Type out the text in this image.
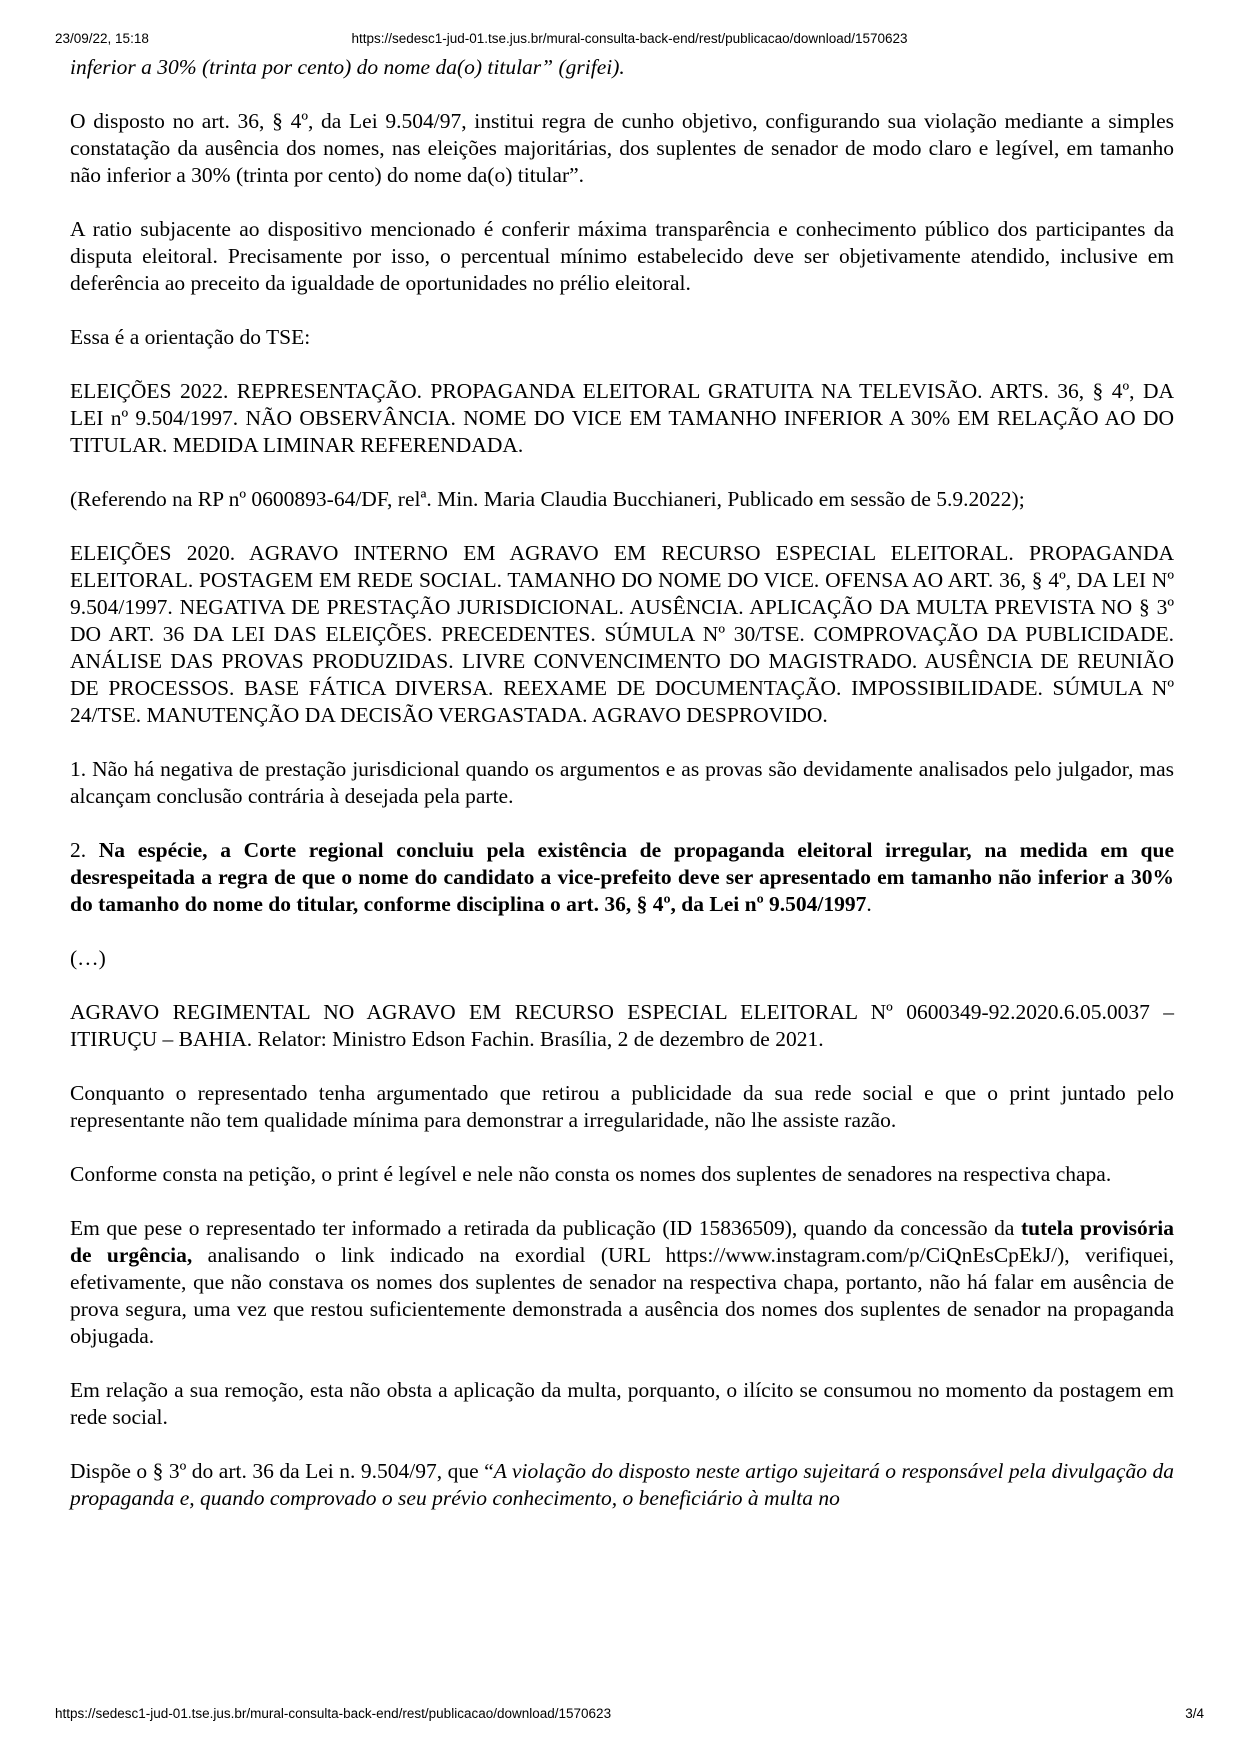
23/09/22, 15:18	https://sedesc1-jud-01.tse.jus.br/mural-consulta-back-end/rest/publicacao/download/1570623

inferior a 30% (trinta por cento) do nome da(o) titular” (grifei).

O disposto no art. 36, § 4º, da Lei 9.504/97, institui regra de cunho objetivo, configurando sua violação mediante a simples constatação da ausência dos nomes, nas eleições majoritárias, dos suplentes de senador de modo claro e legível, em tamanho não inferior a 30% (trinta por cento) do nome da(o) titular”.

A ratio subjacente ao dispositivo mencionado é conferir máxima transparência e conhecimento público dos participantes da disputa eleitoral. Precisamente por isso, o percentual mínimo estabelecido deve ser objetivamente atendido, inclusive em deferência ao preceito da igualdade de oportunidades no prélio eleitoral.

Essa é a orientação do TSE:

ELEIÇÕES 2022. REPRESENTAÇÃO. PROPAGANDA ELEITORAL GRATUITA NA TELEVISÃO. ARTS. 36, § 4º, DA LEI nº 9.504/1997. NÃO OBSERVÂNCIA. NOME DO VICE EM TAMANHO INFERIOR A 30% EM RELAÇÃO AO DO TITULAR. MEDIDA LIMINAR REFERENDADA.

(Referendo na RP nº 0600893-64/DF, relª. Min. Maria Claudia Bucchianeri, Publicado em sessão de 5.9.2022);

ELEIÇÕES 2020. AGRAVO INTERNO EM AGRAVO EM RECURSO ESPECIAL ELEITORAL. PROPAGANDA ELEITORAL. POSTAGEM EM REDE SOCIAL. TAMANHO DO NOME DO VICE. OFENSA AO ART. 36, § 4º, DA LEI Nº 9.504/1997. NEGATIVA DE PRESTAÇÃO JURISDICIONAL. AUSÊNCIA. APLICAÇÃO DA MULTA PREVISTA NO § 3º DO ART. 36 DA LEI DAS ELEIÇÕES. PRECEDENTES. SÚMULA Nº 30/TSE. COMPROVAÇÃO DA PUBLICIDADE. ANÁLISE DAS PROVAS PRODUZIDAS. LIVRE CONVENCIMENTO DO MAGISTRADO. AUSÊNCIA DE REUNIÃO DE PROCESSOS. BASE FÁTICA DIVERSA. REEXAME DE DOCUMENTAÇÃO. IMPOSSIBILIDADE. SÚMULA Nº 24/TSE. MANUTENÇÃO DA DECISÃO VERGASTADA. AGRAVO DESPROVIDO.

1. Não há negativa de prestação jurisdicional quando os argumentos e as provas são devidamente analisados pelo julgador, mas alcançam conclusão contrária à desejada pela parte.

2. Na espécie, a Corte regional concluiu pela existência de propaganda eleitoral irregular, na medida em que desrespeitada a regra de que o nome do candidato a vice-prefeito deve ser apresentado em tamanho não inferior a 30% do tamanho do nome do titular, conforme disciplina o art. 36, § 4º, da Lei nº 9.504/1997.

(…)

AGRAVO REGIMENTAL NO AGRAVO EM RECURSO ESPECIAL ELEITORAL Nº 0600349-92.2020.6.05.0037 – ITIRUÇU – BAHIA. Relator: Ministro Edson Fachin. Brasília, 2 de dezembro de 2021.

Conquanto o representado tenha argumentado que retirou a publicidade da sua rede social e que o print juntado pelo representante não tem qualidade mínima para demonstrar a irregularidade, não lhe assiste razão.

Conforme consta na petição, o print é legível e nele não consta os nomes dos suplentes de senadores na respectiva chapa.

Em que pese o representado ter informado a retirada da publicação (ID 15836509), quando da concessão da tutela provisória de urgência, analisando o link indicado na exordial (URL https://www.instagram.com/p/CiQnEsCpEkJ/), verifiquei, efetivamente, que não constava os nomes dos suplentes de senador na respectiva chapa, portanto, não há falar em ausência de prova segura, uma vez que restou suficientemente demonstrada a ausência dos nomes dos suplentes de senador na propaganda objugada.

Em relação a sua remoção, esta não obsta a aplicação da multa, porquanto, o ilícito se consumou no momento da postagem em rede social.

Dispõe o § 3º do art. 36 da Lei n. 9.504/97, que “A violação do disposto neste artigo sujeitará o responsável pela divulgação da propaganda e, quando comprovado o seu prévio conhecimento, o beneficiário à multa no

https://sedesc1-jud-01.tse.jus.br/mural-consulta-back-end/rest/publicacao/download/1570623	3/4
